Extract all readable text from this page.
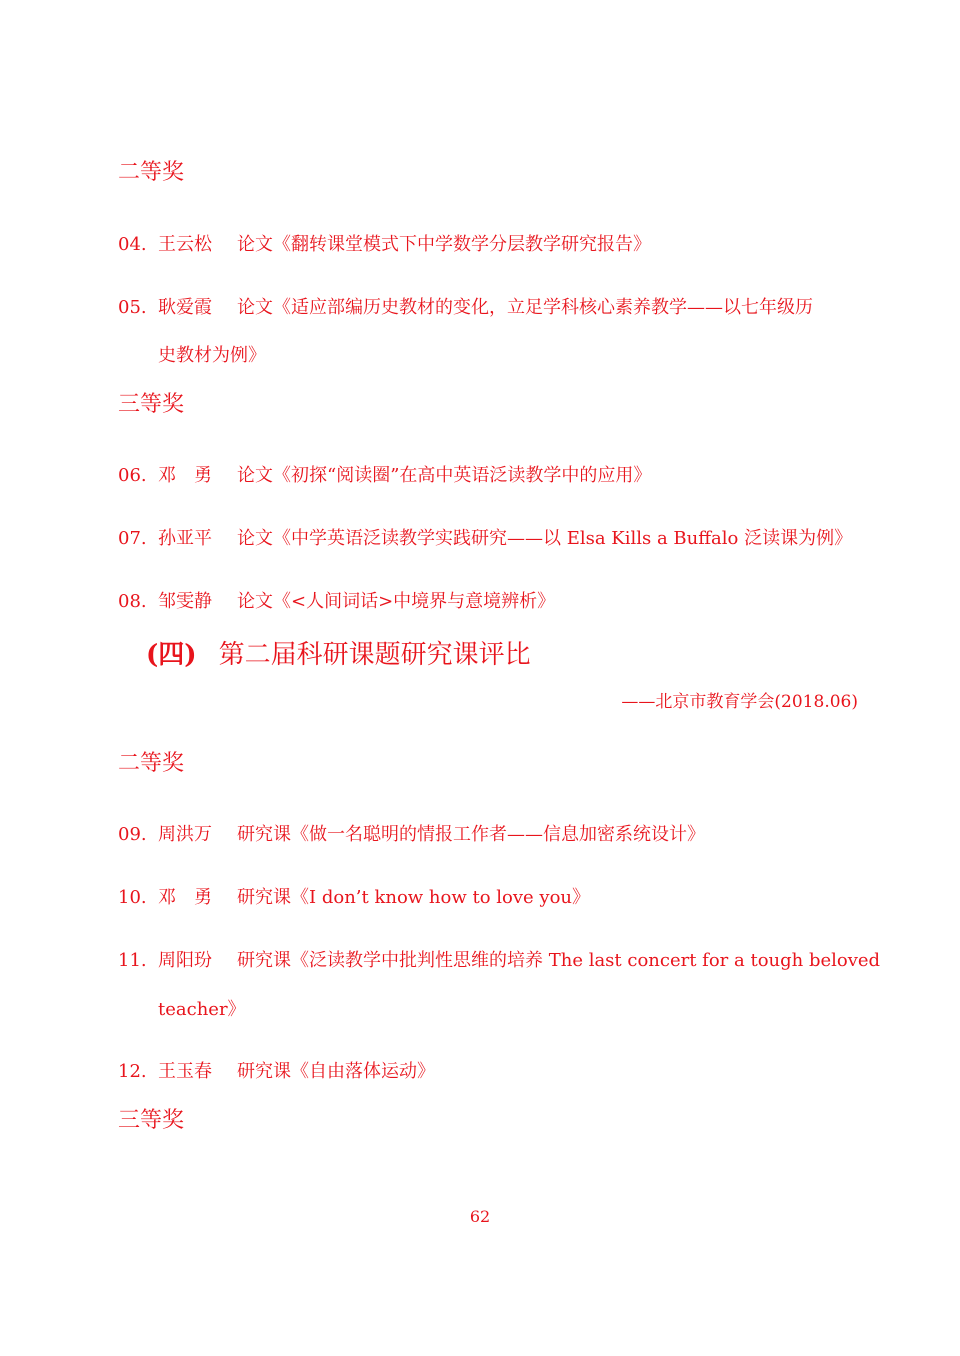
二等奖
04. 王云松 论文《翻转课堂模式下中学数学分层教学研究报告》
05. 耿爱霞 论文《适应部编历史教材的变化，立足学科核心素养教学——以七年级历
史教材为例》
三等奖
06. 邓　勇 论文《初探“阅读圈”在高中英语泛读教学中的应用》
07. 孙亚平 论文《中学英语泛读教学实践研究——以 Elsa Kills a Buffalo 泛读课为例》
08. 邹雯静 论文《<人间词话>中境界与意境辨析》
(四) 第二届科研课题研究课评比
——北京市教育学会(2018.06)
二等奖
09. 周洪万 研究课《做一名聪明的情报工作者——信息加密系统设计》
10. 邓　勇 研究课《I don’t know how to love you》
11. 周阳玢 研究课《泛读教学中批判性思维的培养 The last concert for a tough beloved
teacher》
12. 王玉春 研究课《自由落体运动》
三等奖
62
